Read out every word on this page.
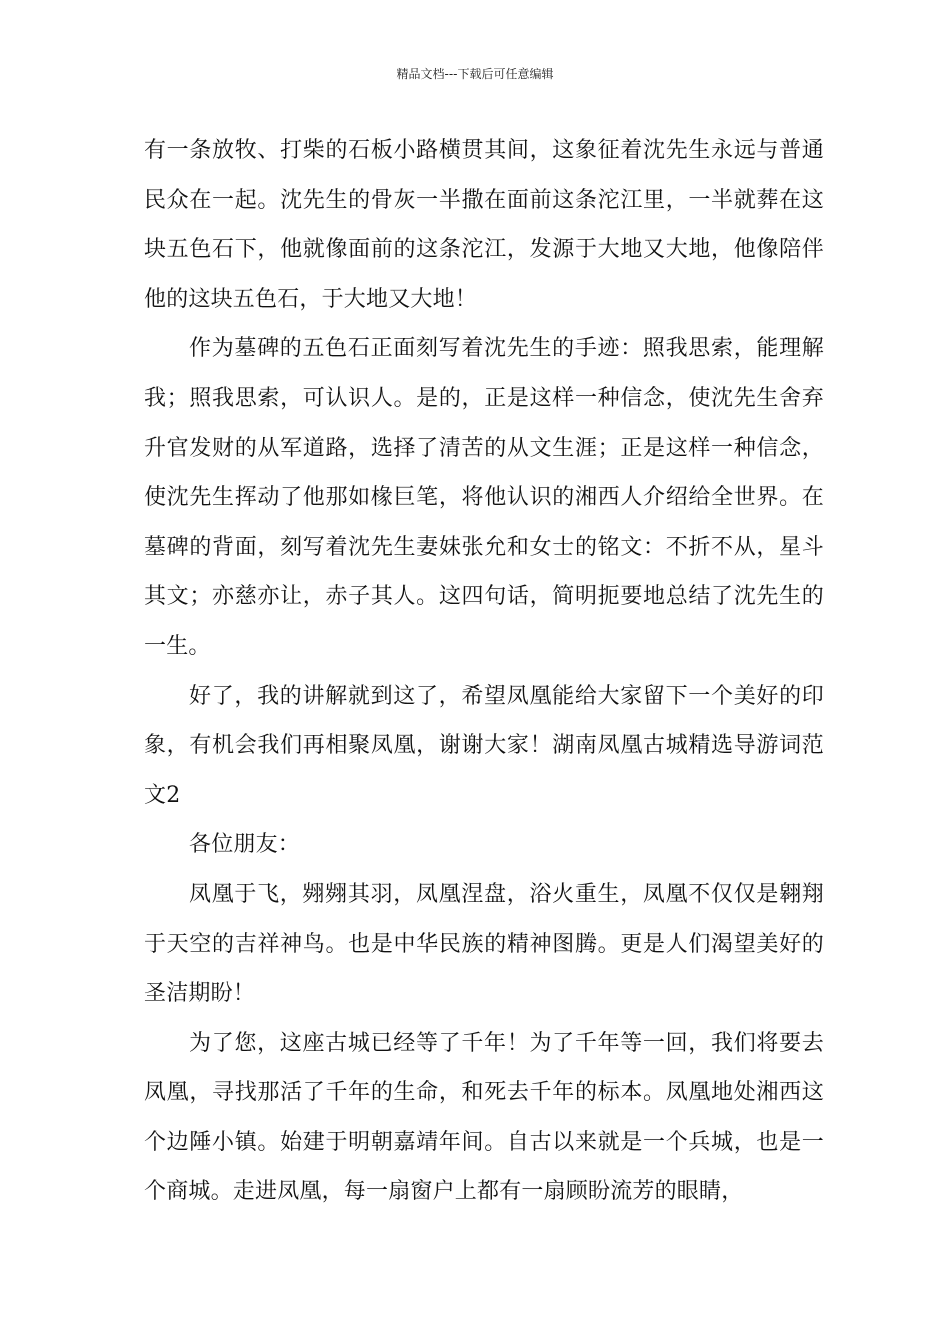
精品文档---下载后可任意编辑

有一条放牧、打柴的石板小路横贯其间，这象征着沈先生永远与普通民众在一起。沈先生的骨灰一半撒在面前这条沱江里，一半就葬在这块五色石下，他就像面前的这条沱江，发源于大地又大地，他像陪伴他的这块五色石，于大地又大地！

作为墓碑的五色石正面刻写着沈先生的手迹：照我思索，能理解我；照我思索，可认识人。是的，正是这样一种信念，使沈先生舍弃升官发财的从军道路，选择了清苦的从文生涯；正是这样一种信念，使沈先生挥动了他那如椽巨笔，将他认识的湘西人介绍给全世界。在墓碑的背面，刻写着沈先生妻妹张允和女士的铭文：不折不从，星斗其文；亦慈亦让，赤子其人。这四句话，简明扼要地总结了沈先生的一生。

好了，我的讲解就到这了，希望凤凰能给大家留下一个美好的印象，有机会我们再相聚凤凰，谢谢大家！湖南凤凰古城精选导游词范文2

各位朋友：

凤凰于飞，翙翙其羽，凤凰涅盘，浴火重生，凤凰不仅仅是翱翔于天空的吉祥神鸟。也是中华民族的精神图腾。更是人们渴望美好的圣洁期盼！

为了您，这座古城已经等了千年！为了千年等一回，我们将要去凤凰，寻找那活了千年的生命，和死去千年的标本。凤凰地处湘西这个边陲小镇。始建于明朝嘉靖年间。自古以来就是一个兵城，也是一个商城。走进凤凰，每一扇窗户上都有一扇顾盼流芳的眼睛，
